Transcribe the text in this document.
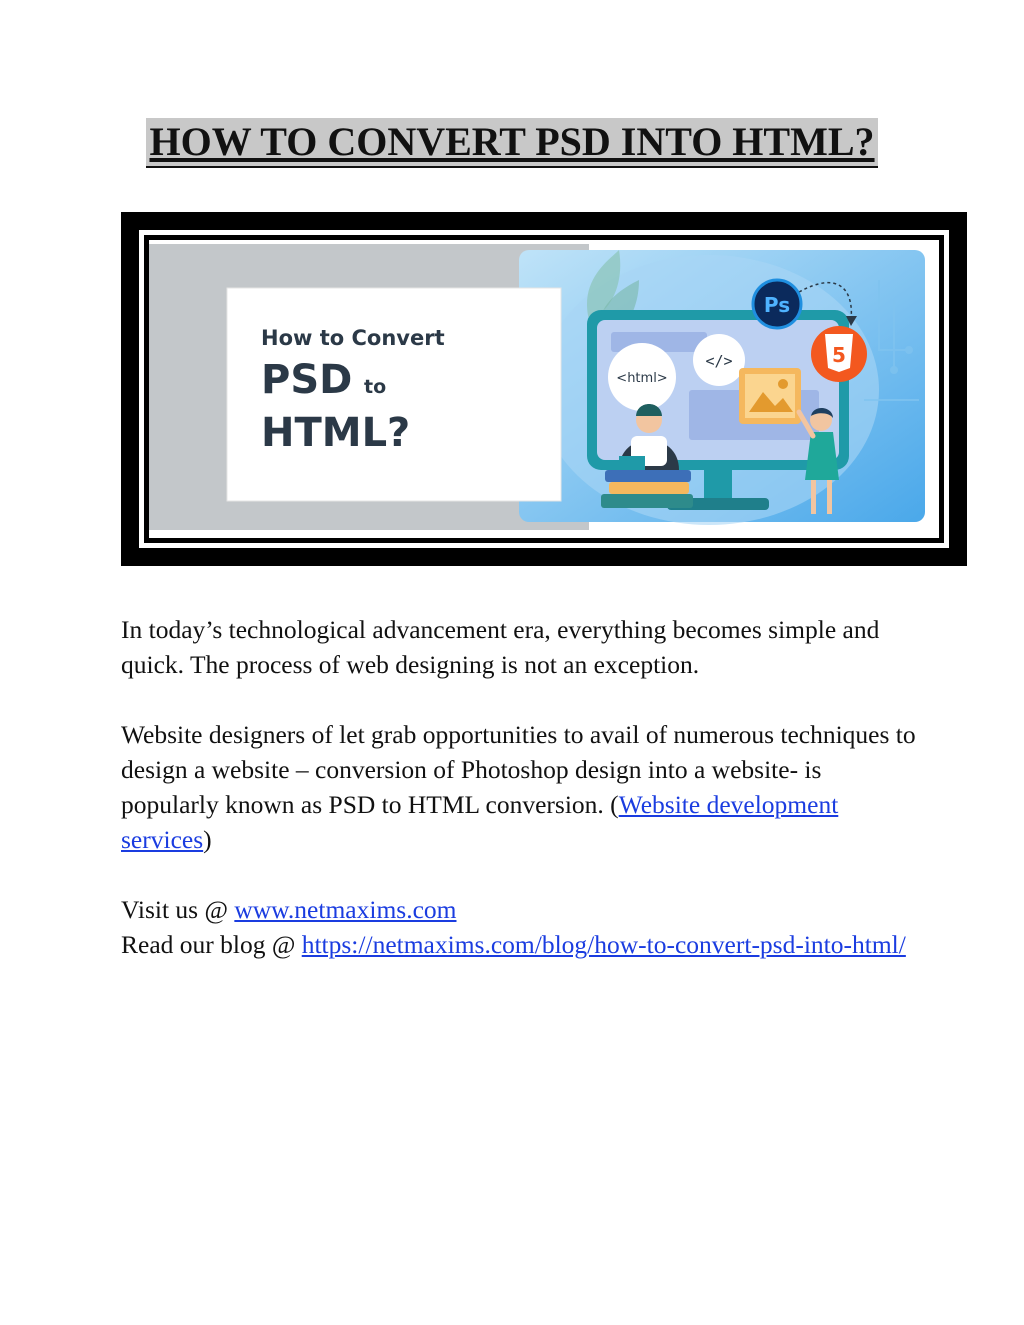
HOW TO CONVERT PSD INTO HTML?
How to Convert
PSD to
HTML?
<html>
</>
Ps
5

In today’s technological advancement era, everything becomes simple and quick. The process of web designing is not an exception.

Website designers of let grab opportunities to avail of numerous techniques to design a website – conversion of Photoshop design into a website- is popularly known as PSD to HTML conversion. (Website development services)

Visit us @ www.netmaxims.com
Read our blog @ https://netmaxims.com/blog/how-to-convert-psd-into-html/
